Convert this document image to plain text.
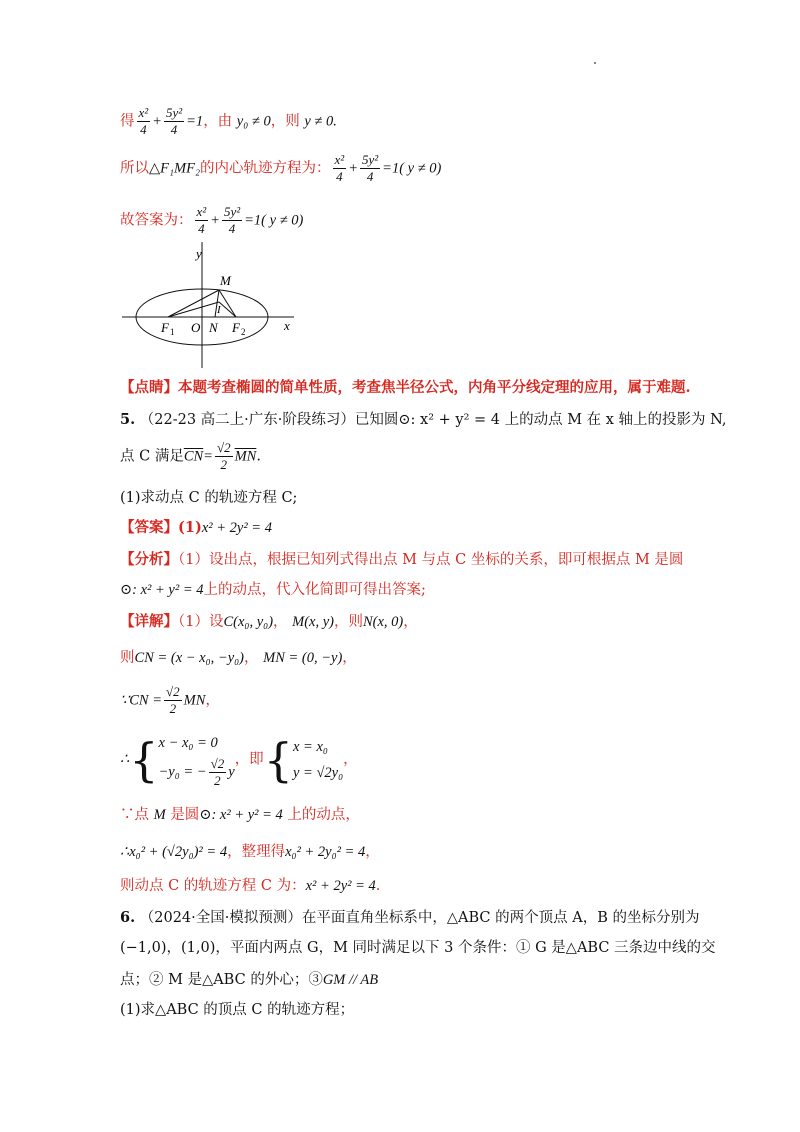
得 $\frac{\text{x²}}{4} + \frac{\text{5y²}}{4} =1$，由 y₀ ≠ 0，则 y ≠ 0.
所以△F₁MF₂的内心轨迹方程为： $\frac{\text{x²}}{4} + \frac{\text{5y²}}{4} =1$( y ≠ 0)
故答案为： $\frac{\text{x²}}{4} + \frac{\text{5y²}}{4} =1$( y ≠ 0)
y
x
M
I
O N
F 1	F 2
【点睛】本题考查椭圆的简单性质，考查焦半径公式，内角平分线定理的应用，属于难题.
5. （22-23 高二上·广东·阶段练习）已知圆⊙: x² + y² = 4 上的动点 M 在 x 轴上的投影为 N,
点 C 满足$\overline{CN}= \frac{√2}{2} \overline{MN}$.
(1)求动点 C 的轨迹方程 C;
【答案】(1)x² + 2y² = 4
【分析】（1）设出点，根据已知列式得出点 M 与点 C 坐标的关系，即可根据点 M 是圆
⊙: x² + y² = 4上的动点，代入化简即可得出答案;
【详解】（1）设C(x₀, y₀)， M(x, y)，则N(x, 0)，
则CN = (x − x₀, −y₀)， MN = (0, −y)，
∵CN = $\frac{√2}{2}$ MN，
∴{ x − x₀ = 0
−y₀ = − $\frac{√2}{2}$ y
，即{ x = x₀
y = √2y₀
，
∵点 M 是圆⊙: x² + y² = 4 上的动点，
∴x₀² + (√2y₀)² = 4，整理得x₀² + 2y₀² = 4，
则动点 C 的轨迹方程 C 为：x² + 2y² = 4.
6. （2024·全国·模拟预测）在平面直角坐标系中，△ABC 的两个顶点 A，B 的坐标分别为
(−1,0)，(1,0)，平面内两点 G，M 同时满足以下 3 个条件：① G 是△ABC 三条边中线的交
点；② M 是△ABC 的外心；③GM // AB
(1)求△ABC 的顶点 C 的轨迹方程；
